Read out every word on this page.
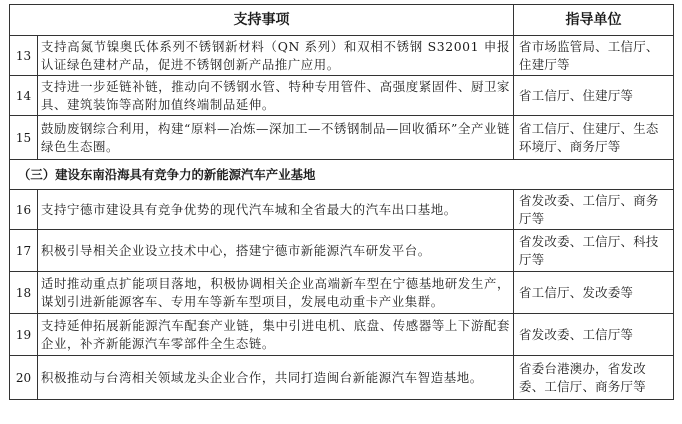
支持事项		指导单位
13	支持高氮节镍奥氏体系列不锈钢新材料（QN 系列）和双相不锈钢 S32001 申报认证绿色建材产品，促进不锈钢创新产品推广应用。	省市场监管局、工信厅、住建厅等
14	支持进一步延链补链，推动向不锈钢水管、特种专用管件、高强度紧固件、厨卫家具、建筑装饰等高附加值终端制品延伸。	省工信厅、住建厅等
15	鼓励废钢综合利用，构建“原料—冶炼—深加工—不锈钢制品—回收循环”全产业链绿色生态圈。	省工信厅、住建厅、生态环境厅、商务厅等
（三）建设东南沿海具有竞争力的新能源汽车产业基地		
16	支持宁德市建设具有竞争优势的现代汽车城和全省最大的汽车出口基地。	省发改委、工信厅、商务厅等
17	积极引导相关企业设立技术中心，搭建宁德市新能源汽车研发平台。	省发改委、工信厅、科技厅等
18	适时推动重点扩能项目落地，积极协调相关企业高端新车型在宁德基地研发生产，谋划引进新能源客车、专用车等新车型项目，发展电动重卡产业集群。	省工信厅、发改委等
19	支持延伸拓展新能源汽车配套产业链，集中引进电机、底盘、传感器等上下游配套企业，补齐新能源汽车零部件全生态链。	省发改委、工信厅等
20	积极推动与台湾相关领域龙头企业合作，共同打造闽台新能源汽车智造基地。	省委台港澳办，省发改委、工信厅、商务厅等
